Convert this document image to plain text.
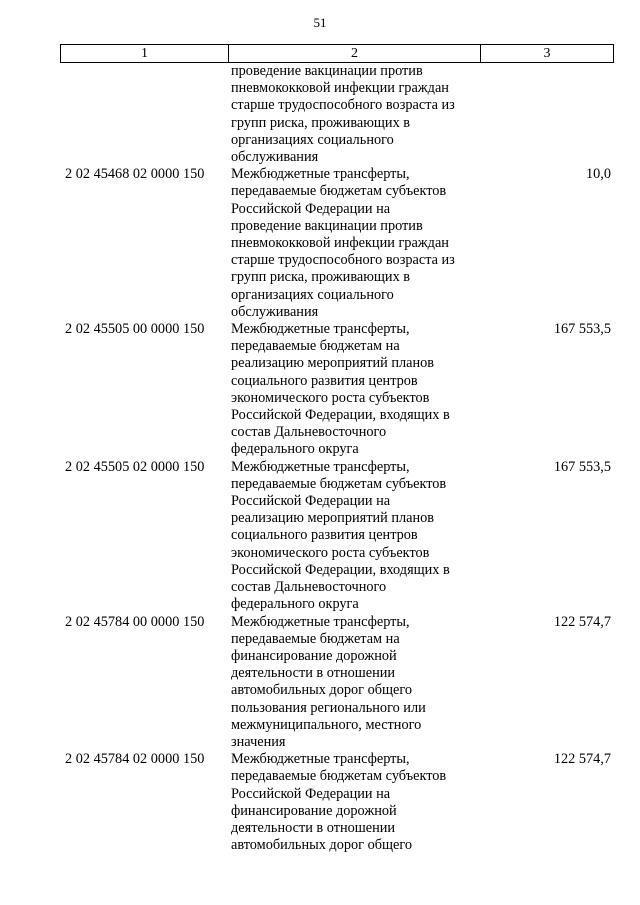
51
1	2	3
проведение вакцинации против
пневмококковой инфекции граждан
старше трудоспособного возраста из
групп риска, проживающих в
организациях социального
обслуживания
2 02 45468 02 0000 150	Межбюджетные трансферты,
передаваемые бюджетам субъектов
Российской Федерации на
проведение вакцинации против
пневмококковой инфекции граждан
старше трудоспособного возраста из
групп риска, проживающих в
организациях социального
обслуживания
10,0
2 02 45505 00 0000 150	Межбюджетные трансферты,
передаваемые бюджетам на
реализацию мероприятий планов
социального развития центров
экономического роста субъектов
Российской Федерации, входящих в
состав Дальневосточного
федерального округа
167 553,5
2 02 45505 02 0000 150	Межбюджетные трансферты,
передаваемые бюджетам субъектов
Российской Федерации на
реализацию мероприятий планов
социального развития центров
экономического роста субъектов
Российской Федерации, входящих в
состав Дальневосточного
федерального округа
167 553,5
2 02 45784 00 0000 150	Межбюджетные трансферты,
передаваемые бюджетам на
финансирование дорожной
деятельности в отношении
автомобильных дорог общего
пользования регионального или
межмуниципального, местного
значения
122 574,7
2 02 45784 02 0000 150	Межбюджетные трансферты,
передаваемые бюджетам субъектов
Российской Федерации на
финансирование дорожной
деятельности в отношении
автомобильных дорог общего
122 574,7
